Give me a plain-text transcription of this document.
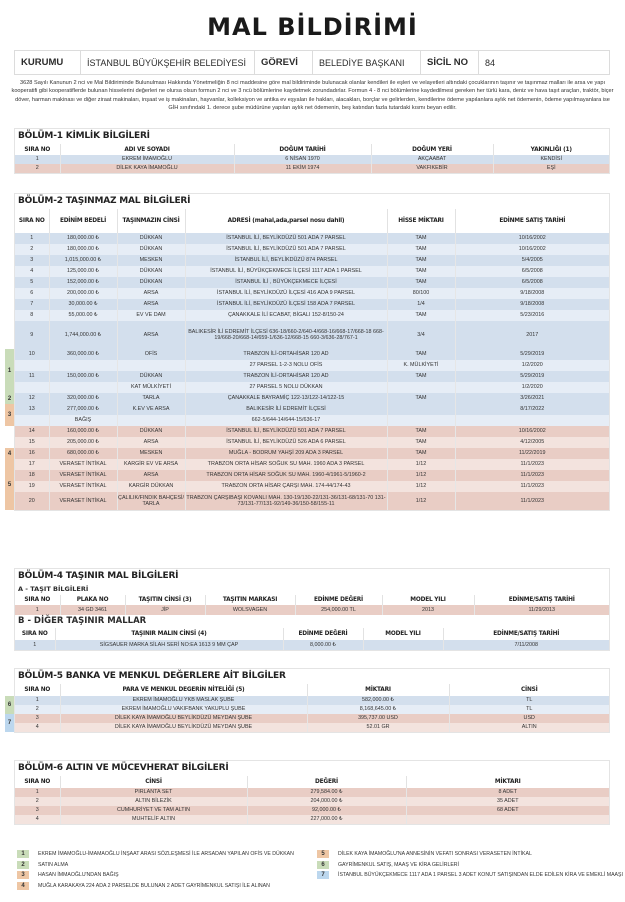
MAL BİLDİRİMİ
KURUMU	İSTANBUL BÜYÜKŞEHİR BELEDİYESİ	GÖREVİ	BELEDİYE BAŞKANI	SİCİL NO	84
3628 Sayılı Kanunun 2 nci ve Mal Bildiriminde Bulunulması Hakkında Yönetmeliğin 8 nci maddesine göre mal bildiriminde bulunacak olanlar kendileri ile eşleri ve velayetleri altındaki çocuklarının taşınır ve taşınmaz malları ile arsa ve yapı kooperatifi gibi kooperatiflerde bulunan hisselerini değerleri ne olursa olsun formun 2 nci ve 3 ncü bölümlerine kaydetmek zorundadırlar. Formun 4 - 8 nci bölümlerine kaydedilmesi gereken her türlü kara, deniz ve hava taşıt araçları, traktör, biçer döver, harman makinası ve diğer ziraat makinaları, inşaat ve iş makinaları, hayvanlar, kolleksiyon ve antika ev eşyaları ile hakları, alacakları, borçlar ve gelirlerden, kendilerine ödeme yapılanlara aylık net ödemenin, ödeme yapılmayanlara ise GİH sınıfındaki 1. derece şube müdürüne yapılan aylık net ödemenin, beş katından fazla tutardaki kısmı beyan edilir.
BÖLÜM-1 KİMLİK BİLGİLERİ
SIRA NO	ADI VE SOYADI	DOĞUM TARİHİ	DOĞUM YERİ	YAKINLIĞI (1)
1	EKREM İMAMOĞLU	6 NİSAN 1970	AKÇAABAT	KENDİSİ
2	DİLEK KAYA İMAMOĞLU	11 EKİM 1974	VAKFIKEBİR	EŞİ
BÖLÜM-2 TAŞINMAZ MAL BİLGİLERİ
SIRA NO	EDİNİM BEDELİ	TAŞINMAZIN CİNSİ	ADRESİ (mahal,ada,parsel nosu dahil)	HİSSE MİKTARI	EDİNME SATIŞ TARİHİ
1	180,000.00 ₺	DÜKKAN	İSTANBUL İLİ, BEYLİKDÜZÜ 501 ADA 7 PARSEL	TAM	10/16/2002
2	180,000.00 ₺	DÜKKAN	İSTANBUL İLİ, BEYLİKDÜZÜ 501 ADA 7 PARSEL	TAM	10/16/2002
3	1,015,000.00 ₺	MESKEN	İSTANBUL İLİ, BEYLİKDÜZÜ 874 PARSEL	TAM	5/4/2005
4	125,000.00 ₺	DÜKKAN	İSTANBUL İLİ, BÜYÜKÇEKMECE İLÇESİ 1117 ADA 1 PARSEL	TAM	6/5/2008
5	152,000.00 ₺	DÜKKAN	İSTANBUL İLİ , BÜYÜKÇEKMECE İLÇESİ	TAM	6/5/2008
6	200,000.00 ₺	ARSA	İSTANBUL İLİ, BEYLİKDÜZÜ İLÇESİ 416 ADA 9 PARSEL	80/100	9/18/2008
7	30,000.00 ₺	ARSA	İSTANBUL İLİ, BEYLİKDÜZÜ İLÇESİ 158 ADA 7 PARSEL	1/4	9/18/2008
8	55,000.00 ₺	EV VE DAM	ÇANAKKALE İLİ ECABAT, BİGALI 152-8/150-24	TAM	5/23/2016
9	1,744,000.00 ₺	ARSA	BALIKESİR İLİ EDREMİT İLÇESİ 636-18/660-2/640-4/668-16/668-17/668-18 668-19/668-20/668-14/659-1/636-12/668-15 660-3/636-28/767-1	3/4	2017
10	360,000.00 ₺	OFİS	TRABZON İLİ-ORTAHİSAR 120 AD	TAM	5/29/2019
			27 PARSEL 1-2-3 NOLU OFİS	K. MÜLKİYETİ	1/2/2020
11	150,000.00 ₺	DÜKKAN	TRABZON İLİ-ORTAHİSAR 120 AD	TAM	5/29/2019
		KAT MÜLKİYETİ	27 PARSEL 5 NOLU DÜKKAN		1/2/2020
12	320,000.00 ₺	TARLA	ÇANAKKALE BAYRAMİÇ 122-13/122-14/122-15	TAM	3/26/2021
13	277,000.00 ₺	K.EV VE ARSA	BALIKESİR İLİ EDREMİT İLÇESİ		8/17/2022
	BAĞIŞ		662-5/644-14/644-15/636-17		
14	160,000.00 ₺	DÜKKAN	İSTANBUL İLİ, BEYLİKDÜZÜ 501 ADA 7 PARSEL	TAM	10/16/2002
15	205,000.00 ₺	ARSA	İSTANBUL İLİ, BEYLİKDÜZÜ 526 ADA 6 PARSEL	TAM	4/12/2005
16	680,000.00 ₺	MESKEN	MUĞLA - BODRUM YAHŞİ 209 ADA 3 PARSEL	TAM	11/22/2019
17	VERASET İNTİKAL	KARGİR EV VE ARSA	TRABZON ORTA HİSAR SOĞUK SU MAH. 1960 ADA 3 PARSEL	1/12	11/1/2023
18	VERASET İNTİKAL	ARSA	TRABZON ORTA HİSAR SOĞUK SU MAH. 1960-4/1961-5/1960-2	1/12	11/1/2023
19	VERASET İNTİKAL	KARGİR DÜKKAN	TRABZON ORTA HİSAR ÇARŞI MAH. 174-44/174-43	1/12	11/1/2023
20	VERASET İNTİKAL	ÇALILIK/FINDIK BAHÇESİ/ TARLA	TRABZON ÇARŞIBAŞI KOVANLI MAH. 130-19/130-22/131-36/131-68/131-70 131-73/131-77/131-92/149-36/150-58/155-11	1/12	11/1/2023
1
2
3
4
5
BÖLÜM-4 TAŞINIR MAL BİLGİLERİ
A - TAŞIT BİLGİLERİ
SIRA NO	PLAKA NO	TAŞITIN CİNSİ (3)	TAŞITIN MARKASI	EDİNME DEĞERİ	MODEL YILI	EDİNME/SATIŞ TARİHİ
1	34 GD 3461	JİP	WOLSVAGEN	254,000.00 TL	2013	11/29/2013
B - DİĞER TAŞINIR MALLAR
SIRA NO	TAŞINIR MALIN CİNSİ (4)	EDİNME DEĞERİ	MODEL YILI	EDİNME/SATIŞ TARİHİ
1	SİGSAUER MARKA SİLAH SERİ NO:EA 1613 9 MM ÇAP	8,000.00 ₺		7/11/2008
BÖLÜM-5 BANKA VE MENKUL DEĞERLERE AİT BİLGİLER
SIRA NO	PARA VE MENKUL DEGERİN NİTELİĞİ (5)	MİKTARI	CİNSİ
1	EKREM İMAMOĞLU YKB MASLAK ŞUBE	582,000.00 ₺	TL
2	EKREM İMAMOĞLU VAKIFBANK YAKUPLU ŞUBE	8,168,645.00 ₺	TL
3	DİLEK KAYA İMAMOĞLU BEYLİKDÜZÜ MEYDAN ŞUBE	395,737.00 USD	USD
4	DİLEK KAYA İMAMOĞLU BEYLİKDÜZÜ MEYDAN ŞUBE	52.01 GR	ALTIN
6
7
BÖLÜM-6 ALTIN VE MÜCEVHERAT BİLGİLERİ
SIRA NO	CİNSİ	DEĞERİ	MİKTARI
1	PIRLANTA SET	279,584.00 ₺	8 ADET
2	ALTIN BİLEZİK	204,000.00 ₺	35 ADET
3	CUMHURİYET VE TAM ALTIN	92,000.00 ₺	68 ADET
4	MUHTELİF ALTIN	227,000.00 ₺	
1	EKREM İMAMOĞLU-İMAMAOĞLU İNŞAAT ARASI SÖZLEŞMESİ İLE ARSADAN YAPILAN OFİS VE DÜKKAN
2	SATIN ALMA
3	HASAN İMMAOĞLU'NDAN BAĞIŞ
4	MUĞLA KARAKAYA 224 ADA 2 PARSELDE BULUNAN 2 ADET GAYRİMENKUL SATIŞI İLE ALINAN
5	DİLEK KAYA İMAMOĞLU'NA ANNESİNİN VEFATI SONRASI VERASETEN İNTİKAL
6	GAYRİMENKUL SATIŞ, MAAŞ VE KİRA GELİRLERİ
7	İSTANBUL BÜYÜKÇEKMECE 1117 ADA 1 PARSEL 3 ADET KONUT SATIŞINDAN ELDE EDİLEN KİRA VE EMEKLİ MAAŞI
